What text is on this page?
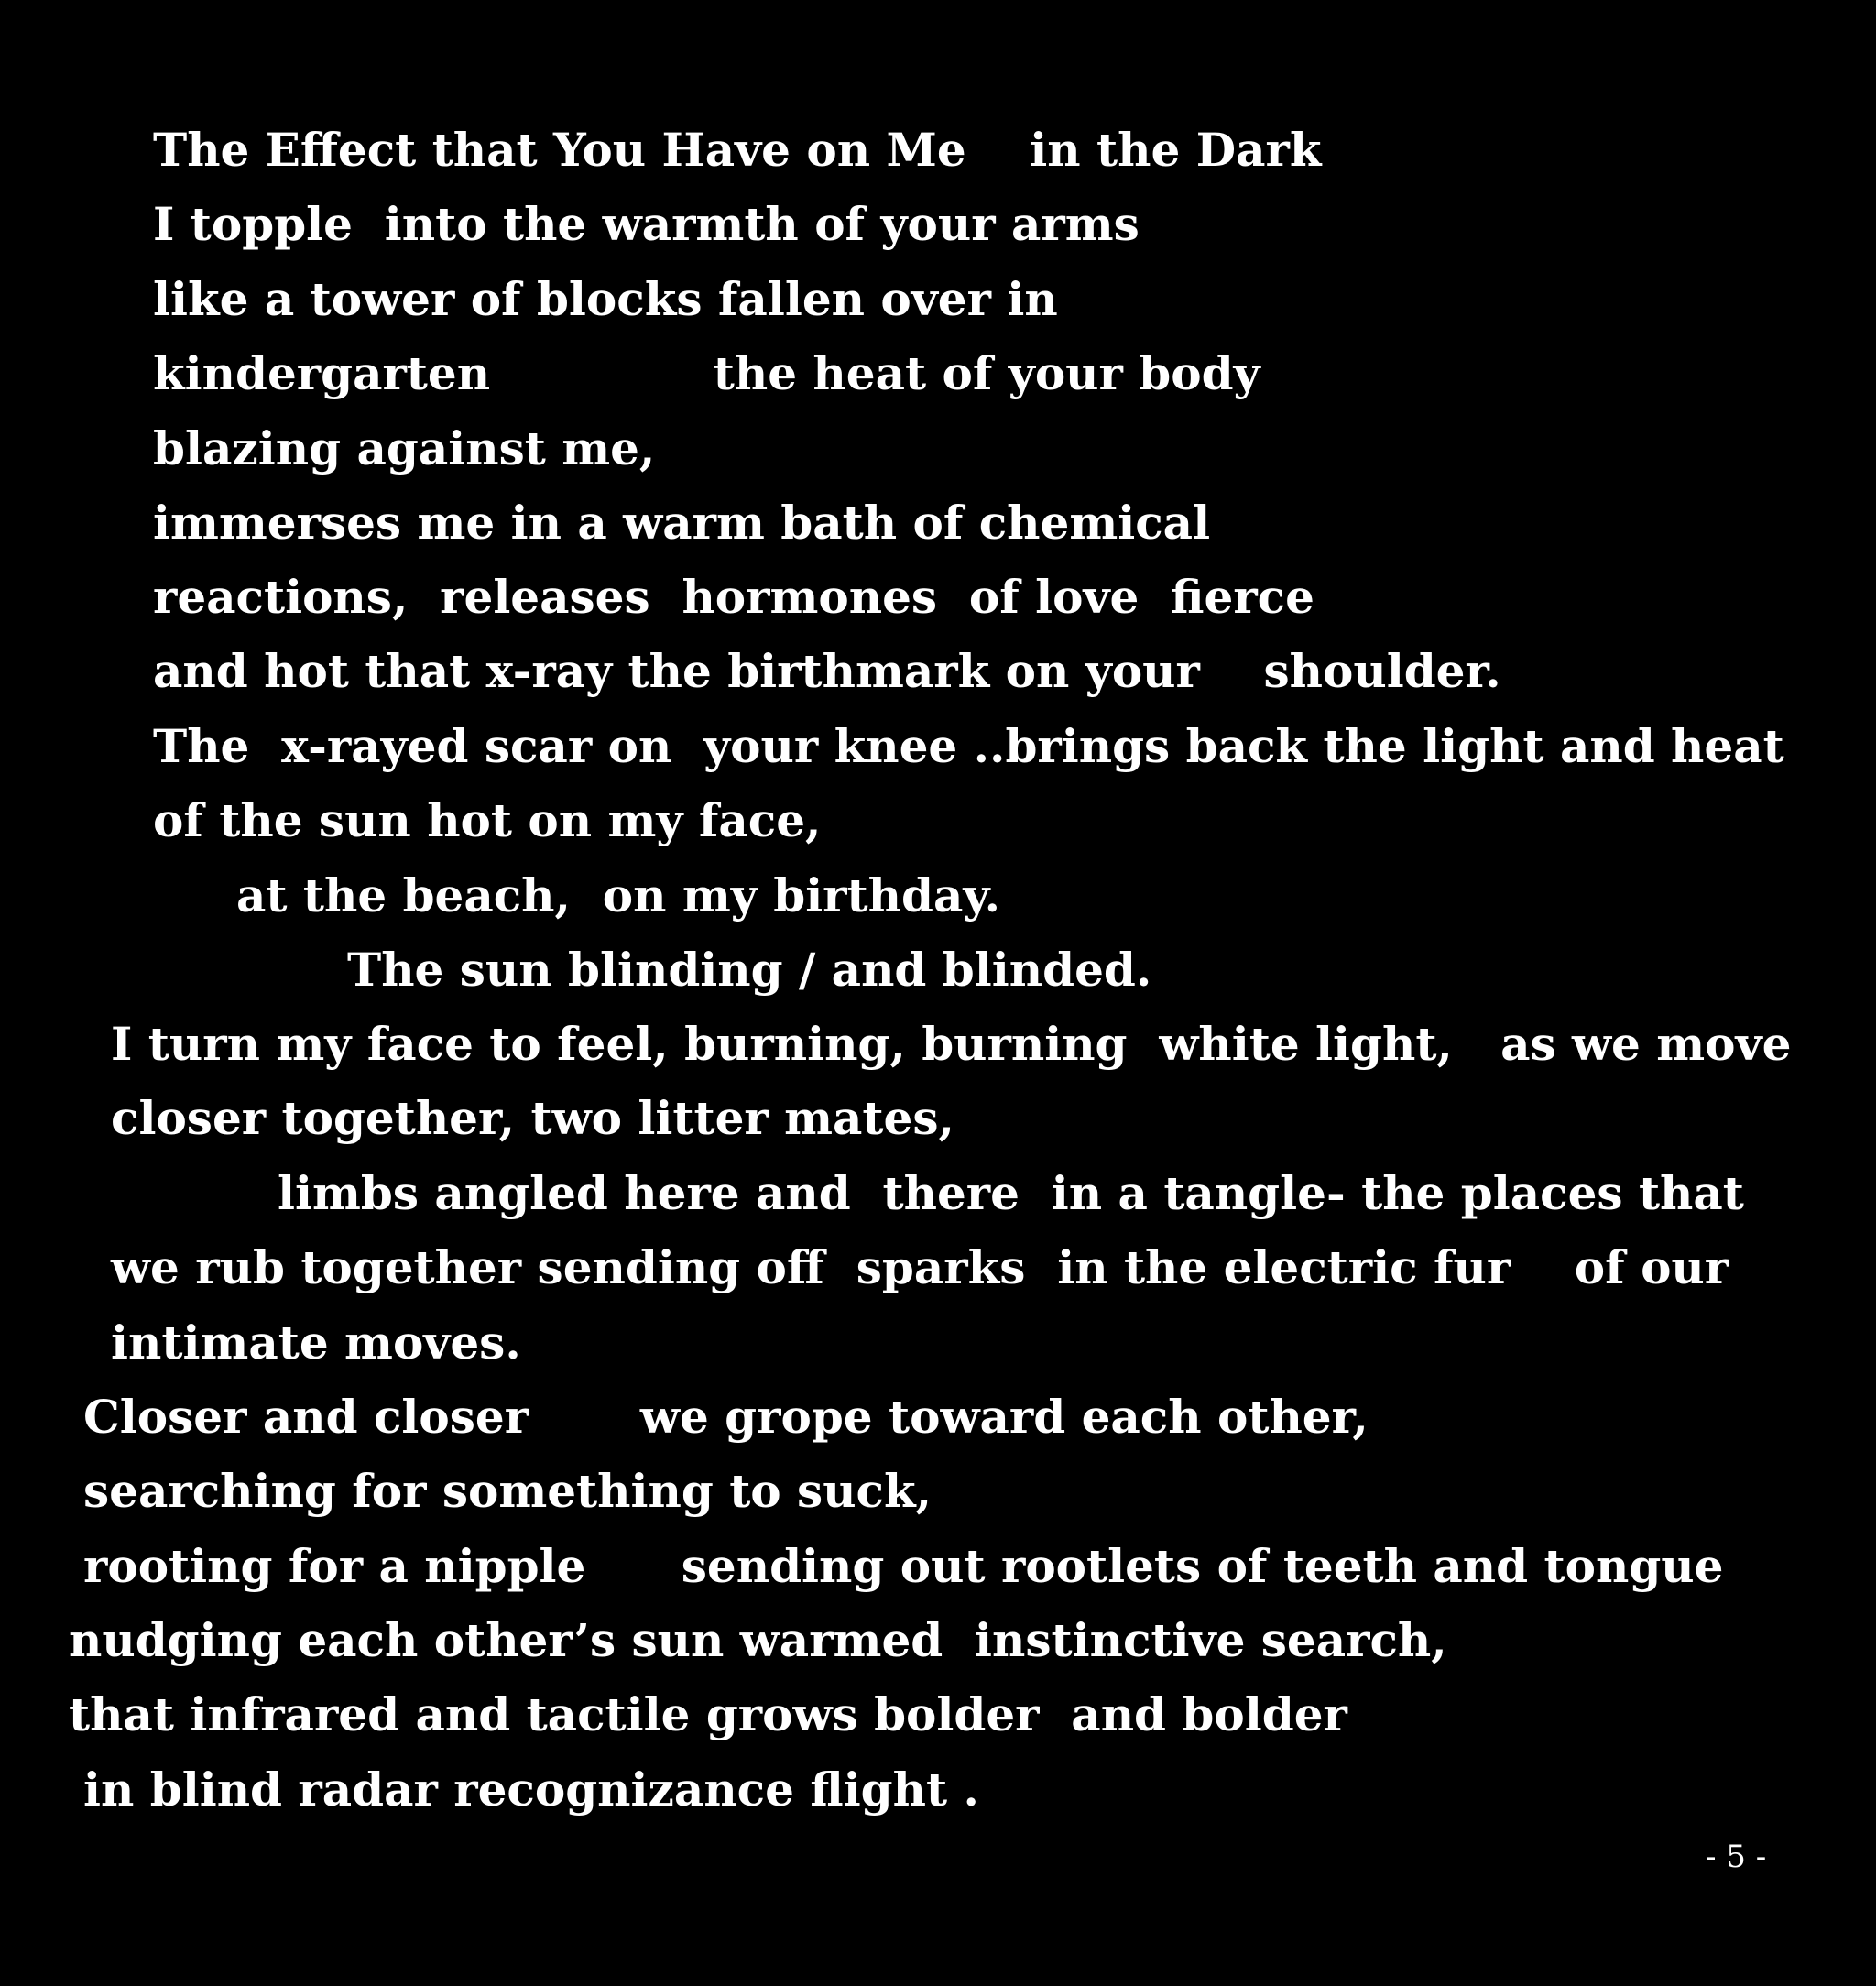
The Effect that You Have on Me    in the Dark

I topple  into the warmth of your arms

like a tower of blocks fallen over in

kindergarten              the heat of your body

blazing against me,

immerses me in a warm bath of chemical

reactions,  releases  hormones  of love  fierce

and hot that x-ray the birthmark on your    shoulder.

The  x-rayed scar on  your knee ..brings back the light and heat

of the sun hot on my face,

at the beach,  on my birthday.

The sun blinding / and blinded.

I turn my face to feel, burning, burning  white light,   as we move

closer together, two litter mates,

limbs angled here and  there  in a tangle- the places that

we rub together sending off  sparks  in the electric fur    of our

intimate moves.

Closer and closer       we grope toward each other,

searching for something to suck,

rooting for a nipple      sending out rootlets of teeth and tongue

nudging each other’s sun warmed  instinctive search,

that infrared and tactile grows bolder  and bolder

in blind radar recognizance flight .

- 5 -
